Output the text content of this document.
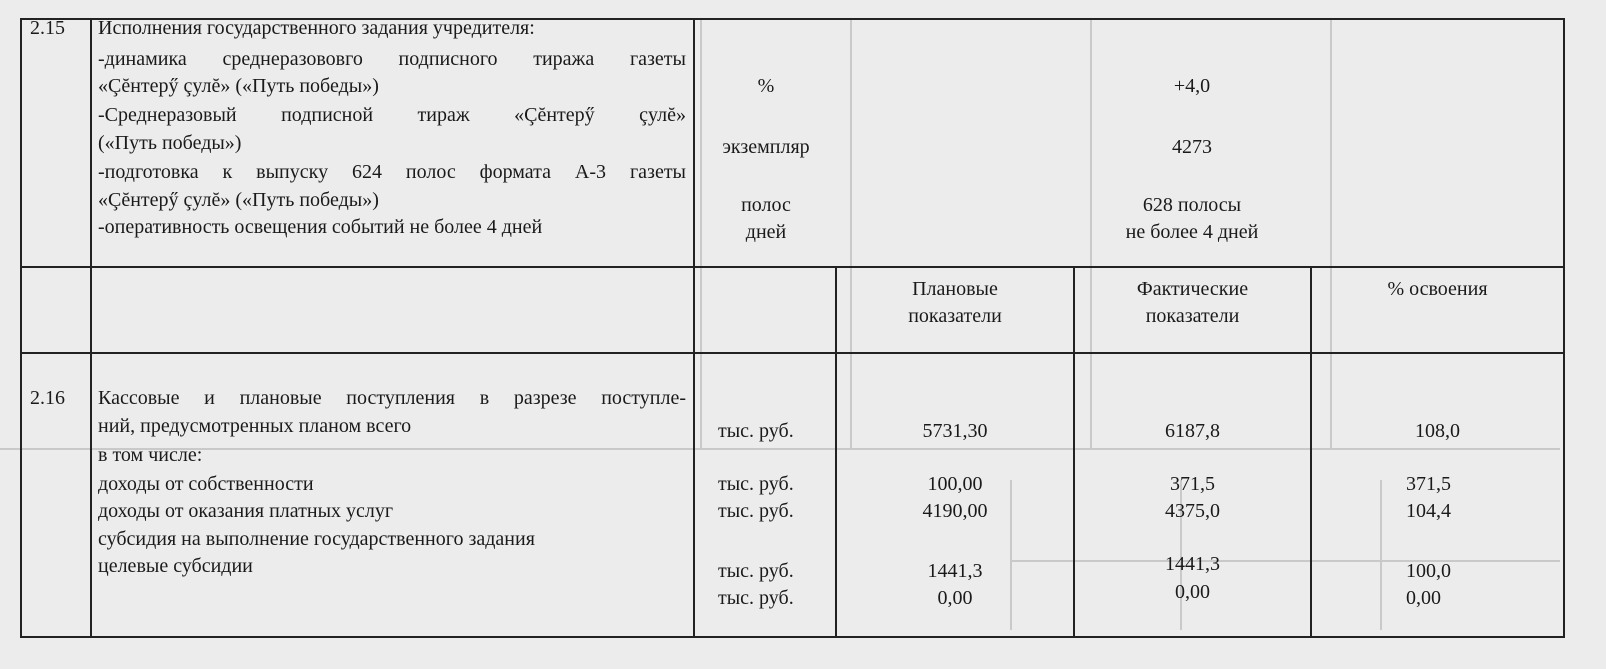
2.15 Исполнения государственного задания учредителя:
-динамика среднеразововго подписного тиража газеты
«Çĕнтерӳ çулĕ» («Путь победы»)
-Среднеразовый подписной тираж «Çĕнтерӳ çулĕ»
(«Путь победы»)
-подготовка к выпуску 624 полос формата А-3 газеты
«Çĕнтерӳ çулĕ» («Путь победы»)
-оперативность освещения событий не более 4 дней
%
экземпляр
полос
дней
+4,0
4273
628 полосы
не более 4 дней
Плановые
показатели
Фактические
показатели
% освоения
2.16 Кассовые и плановые поступления в разрезе поступле-
ний, предусмотренных планом всего
в том числе:
доходы от собственности
доходы от оказания платных услуг
субсидия на выполнение государственного задания
целевые субсидии
тыс. руб.
тыс. руб.
тыс. руб.
тыс. руб.
тыс. руб.
5731,30
100,00
4190,00
1441,3
0,00
6187,8
371,5
4375,0
1441,3
0,00
108,0
371,5
104,4
100,0
0,00
